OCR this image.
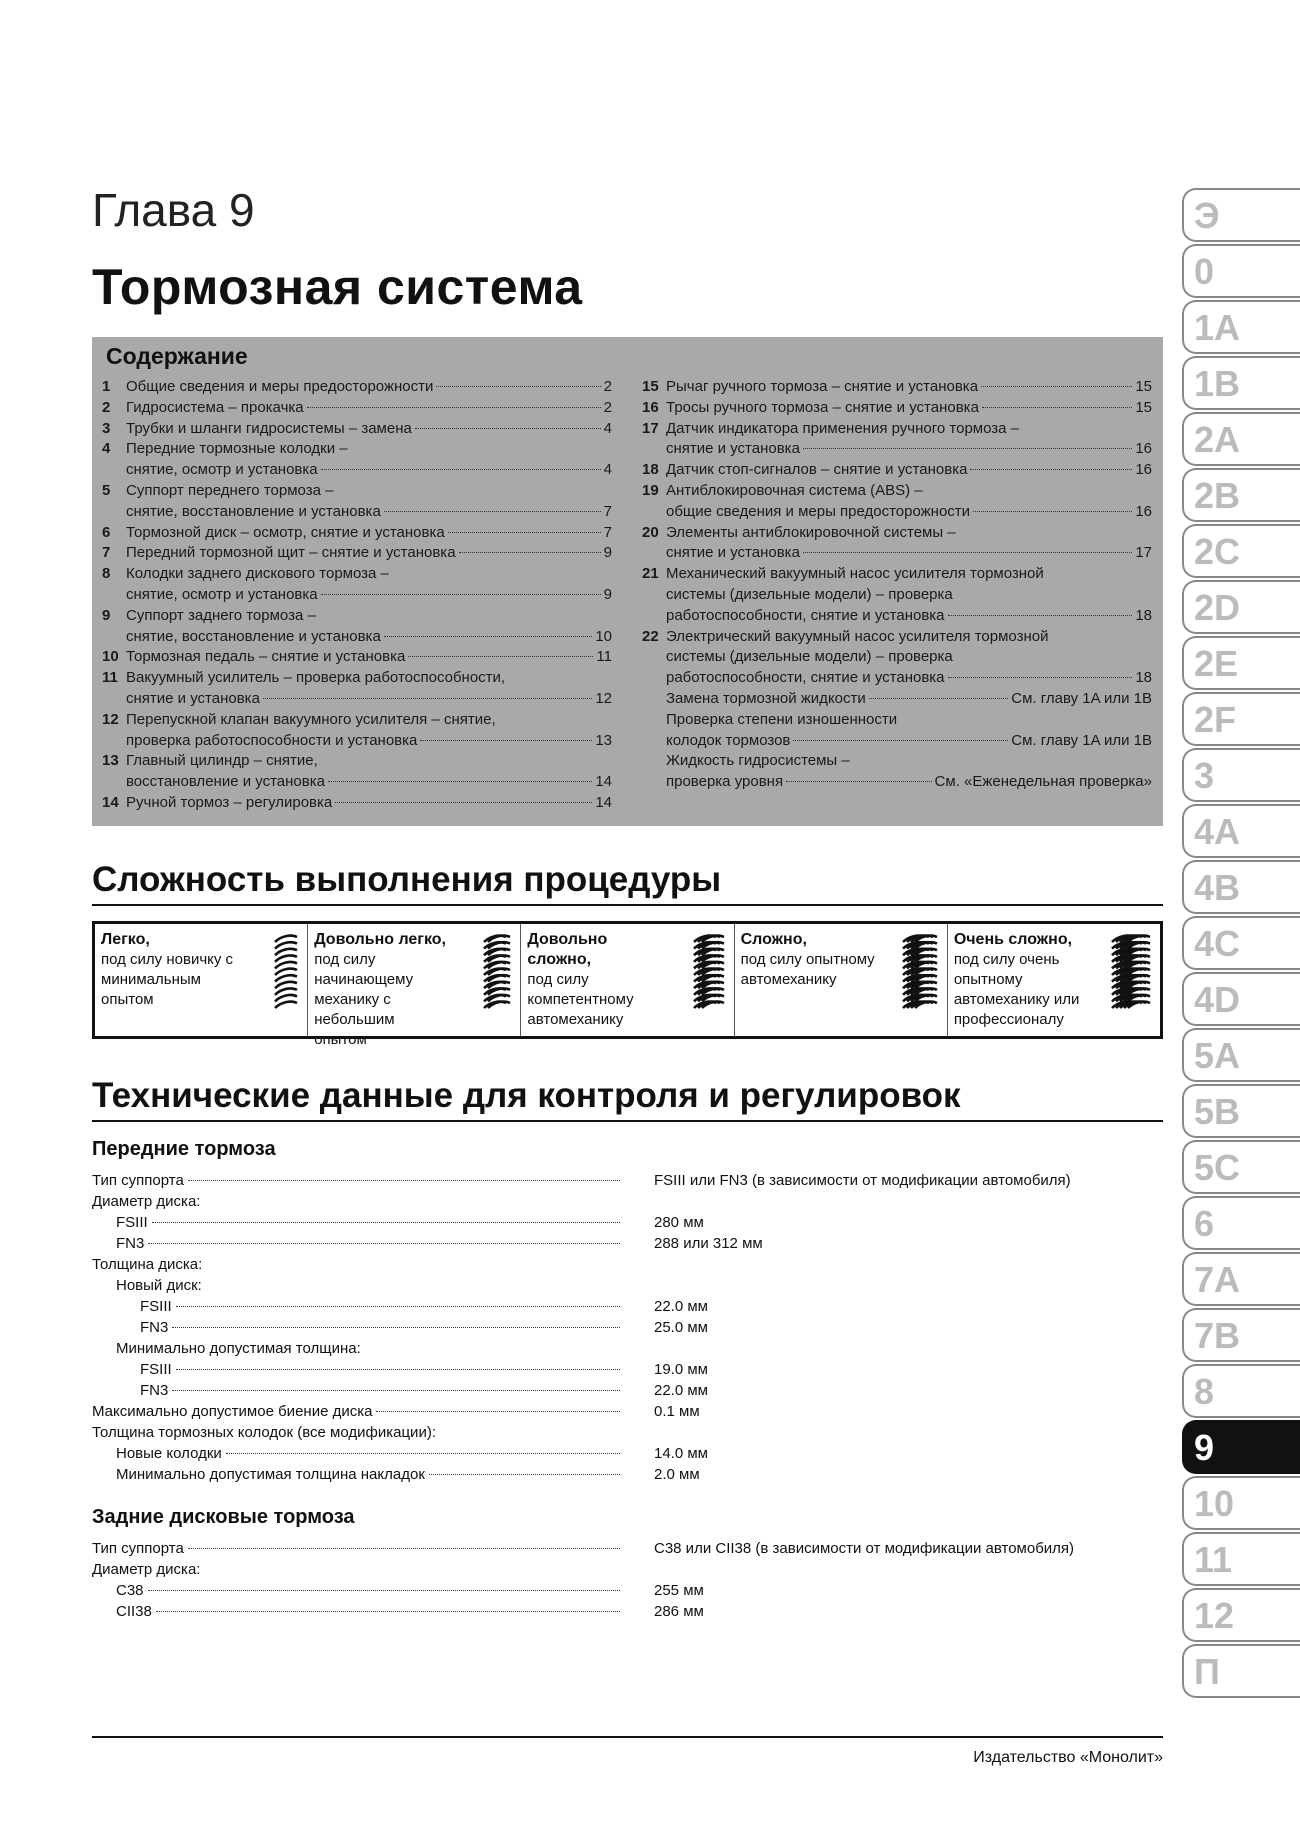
Глава 9
Тормозная система
Содержание
1	Общие сведения и меры предосторожности	2
2	Гидросистема – прокачка	2
3	Трубки и шланги гидросистемы – замена	4
4	Передние тормозные колодки –
снятие, осмотр и установка	4
5	Суппорт переднего тормоза –
снятие, восстановление и установка	7
6	Тормозной диск – осмотр, снятие и установка	7
7	Передний тормозной щит – снятие и установка	9
8	Колодки заднего дискового тормоза –
снятие, осмотр и установка	9
9	Суппорт заднего тормоза –
снятие, восстановление и установка	10
10 Тормозная педаль – снятие и установка	11
11 Вакуумный усилитель – проверка работоспособности,
снятие и установка	12
12 Перепускной клапан вакуумного усилителя – снятие,
проверка работоспособности и установка	13
13 Главный цилиндр – снятие,
восстановление и установка	14
14 Ручной тормоз – регулировка	14
15 Рычаг ручного тормоза – снятие и установка	15
16 Тросы ручного тормоза – снятие и установка	15
17 Датчик индикатора применения ручного тормоза –
снятие и установка	16
18 Датчик стоп-сигналов – снятие и установка	16
19 Антиблокировочная система (ABS) –
общие сведения и меры предосторожности	16
20 Элементы антиблокировочной системы –
снятие и установка	17
21 Механический вакуумный насос усилителя тормозной
системы (дизельные модели) – проверка
работоспособности, снятие и установка	18
22 Электрический вакуумный насос усилителя тормозной
системы (дизельные модели) – проверка
работоспособности, снятие и установка	18
Замена тормозной жидкости	См. главу 1A или 1B
Проверка степени изношенности
колодок тормозов	См. главу 1A или 1B
Жидкость гидросистемы –
проверка уровня	См. «Еженедельная проверка»
Сложность выполнения процедуры
Легко,
под силу новичку с минимальным опытом
Довольно легко,
под силу начинающему механику с небольшим опытом
Довольно сложно,
под силу компетентному автомеханику
Сложно,
под силу опытному автомеханику
Очень сложно,
под силу очень опытному автомеханику или профессионалу
Технические данные для контроля и регулировок
Передние тормоза
Тип суппорта	FSIII или FN3 (в зависимости от модификации автомобиля)
Диаметр диска:
FSIII	280 мм
FN3	288 или 312 мм
Толщина диска:
Новый диск:
FSIII	22.0 мм
FN3	25.0 мм
Минимально допустимая толщина:
FSIII	19.0 мм
FN3	22.0 мм
Максимально допустимое биение диска	0.1 мм
Толщина тормозных колодок (все модификации):
Новые колодки	14.0 мм
Минимально допустимая толщина накладок	2.0 мм
Задние дисковые тормоза
Тип суппорта	C38 или CII38 (в зависимости от модификации автомобиля)
Диаметр диска:
C38	255 мм
CII38	286 мм
Э
0
1A
1B
2A
2B
2C
2D
2E
2F
3
4A
4B
4C
4D
5A
5B
5C
6
7A
7B
8
9
10
11
12
П
Издательство «Монолит»
